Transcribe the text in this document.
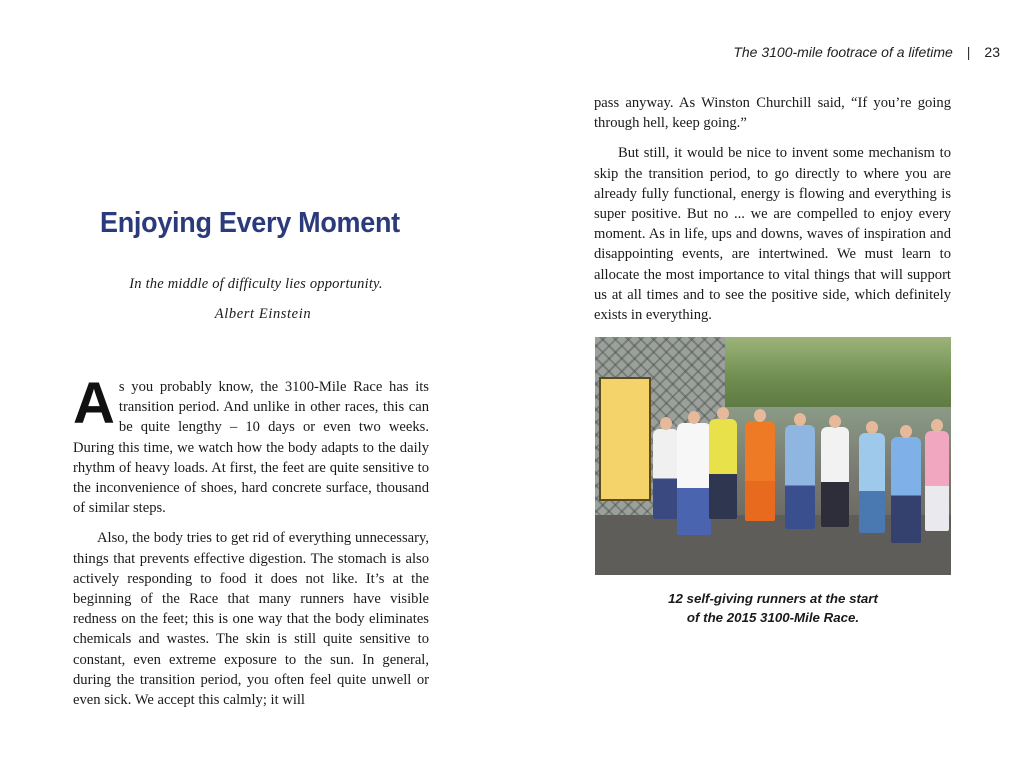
Enjoying Every Moment

In the middle of difficulty lies opportunity.

Albert Einstein

As you probably know, the 3100-Mile Race has its transition period. And unlike in other races, this can be quite lengthy – 10 days or even two weeks. During this time, we watch how the body adapts to the daily rhythm of heavy loads. At first, the feet are quite sensitive to the inconvenience of shoes, hard concrete surface, thousand of similar steps.

Also, the body tries to get rid of everything unnecessary, things that prevents effective digestion. The stomach is also actively responding to food it does not like. It’s at the beginning of the Race that many runners have visible redness on the feet; this is one way that the body eliminates chemicals and wastes. The skin is still quite sensitive to constant, even extreme exposure to the sun. In general, during the transition period, you often feel quite unwell or even sick. We accept this calmly; it will

The 3100-mile footrace of a lifetime | 23

pass anyway. As Winston Churchill said, “If you’re going through hell, keep going.”

But still, it would be nice to invent some mechanism to skip the transition period, to go directly to where you are already fully functional, energy is flowing and everything is super positive. But no ... we are compelled to enjoy every moment. As in life, ups and downs, waves of inspiration and disappointing events, are intertwined. We must learn to allocate the most importance to vital things that will support us at all times and to see the positive side, which definitely exists in everything.

12 self-giving runners at the start
of the 2015 3100-Mile Race.
